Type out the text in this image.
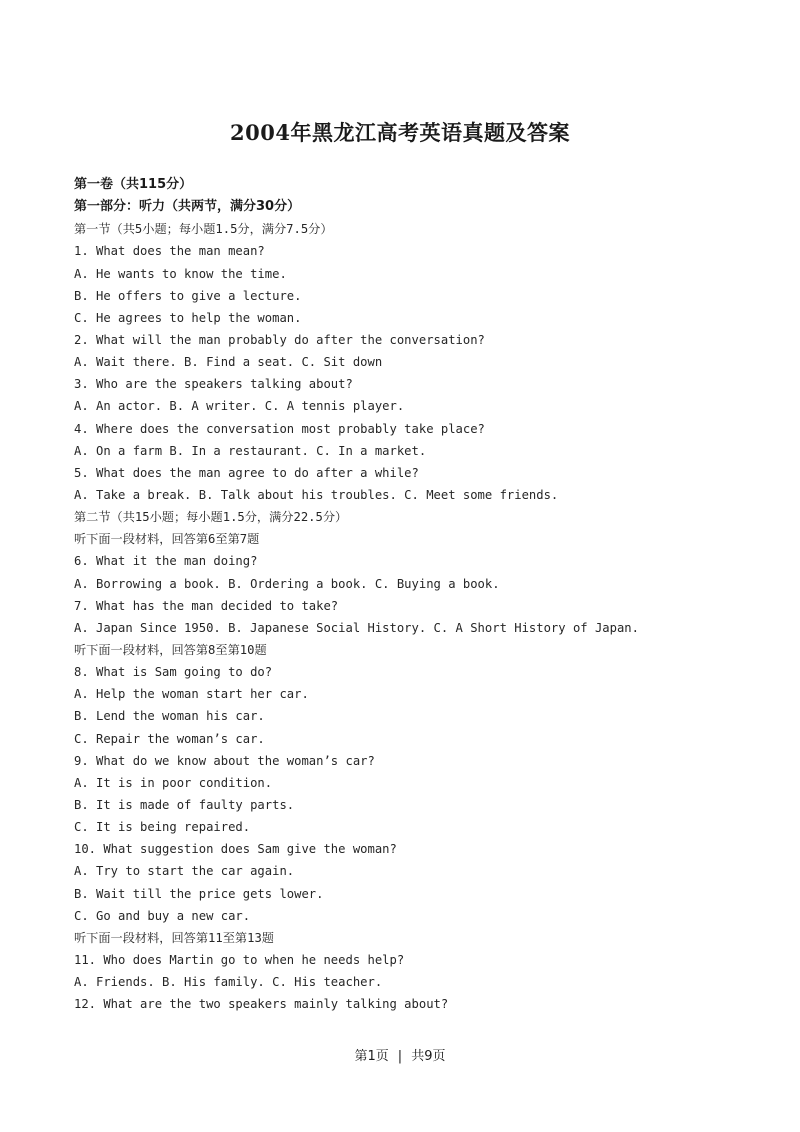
2004年黑龙江高考英语真题及答案
第一卷（共115分）
第一部分：听力（共两节，满分30分）
第一节（共5小题；每小题1.5分，满分7.5分）
1. What does the man mean?
A. He wants to know the time.
B. He offers to give a lecture.
C. He agrees to help the woman.
2. What will the man probably do after the conversation?
A. Wait there. B. Find a seat. C. Sit down
3. Who are the speakers talking about?
A. An actor. B. A writer. C. A tennis player.
4. Where does the conversation most probably take place?
A. On a farm B. In a restaurant. C. In a market.
5. What does the man agree to do after a while?
A. Take a break. B. Talk about his troubles. C. Meet some friends.
第二节（共15小题；每小题1.5分，满分22.5分）
听下面一段材料，回答第6至第7题
6. What it the man doing?
A. Borrowing a book. B. Ordering a book. C. Buying a book.
7. What has the man decided to take?
A. Japan Since 1950. B. Japanese Social History. C. A Short History of Japan.
听下面一段材料，回答第8至第10题
8. What is Sam going to do?
A. Help the woman start her car.
B. Lend the woman his car.
C. Repair the woman’s car.
9. What do we know about the woman’s car?
A. It is in poor condition.
B. It is made of faulty parts.
C. It is being repaired.
10. What suggestion does Sam give the woman?
A. Try to start the car again.
B. Wait till the price gets lower.
C. Go and buy a new car.
听下面一段材料，回答第11至第13题
11. Who does Martin go to when he needs help?
A. Friends. B. His family. C. His teacher.
12. What are the two speakers mainly talking about?
第1页 | 共9页
